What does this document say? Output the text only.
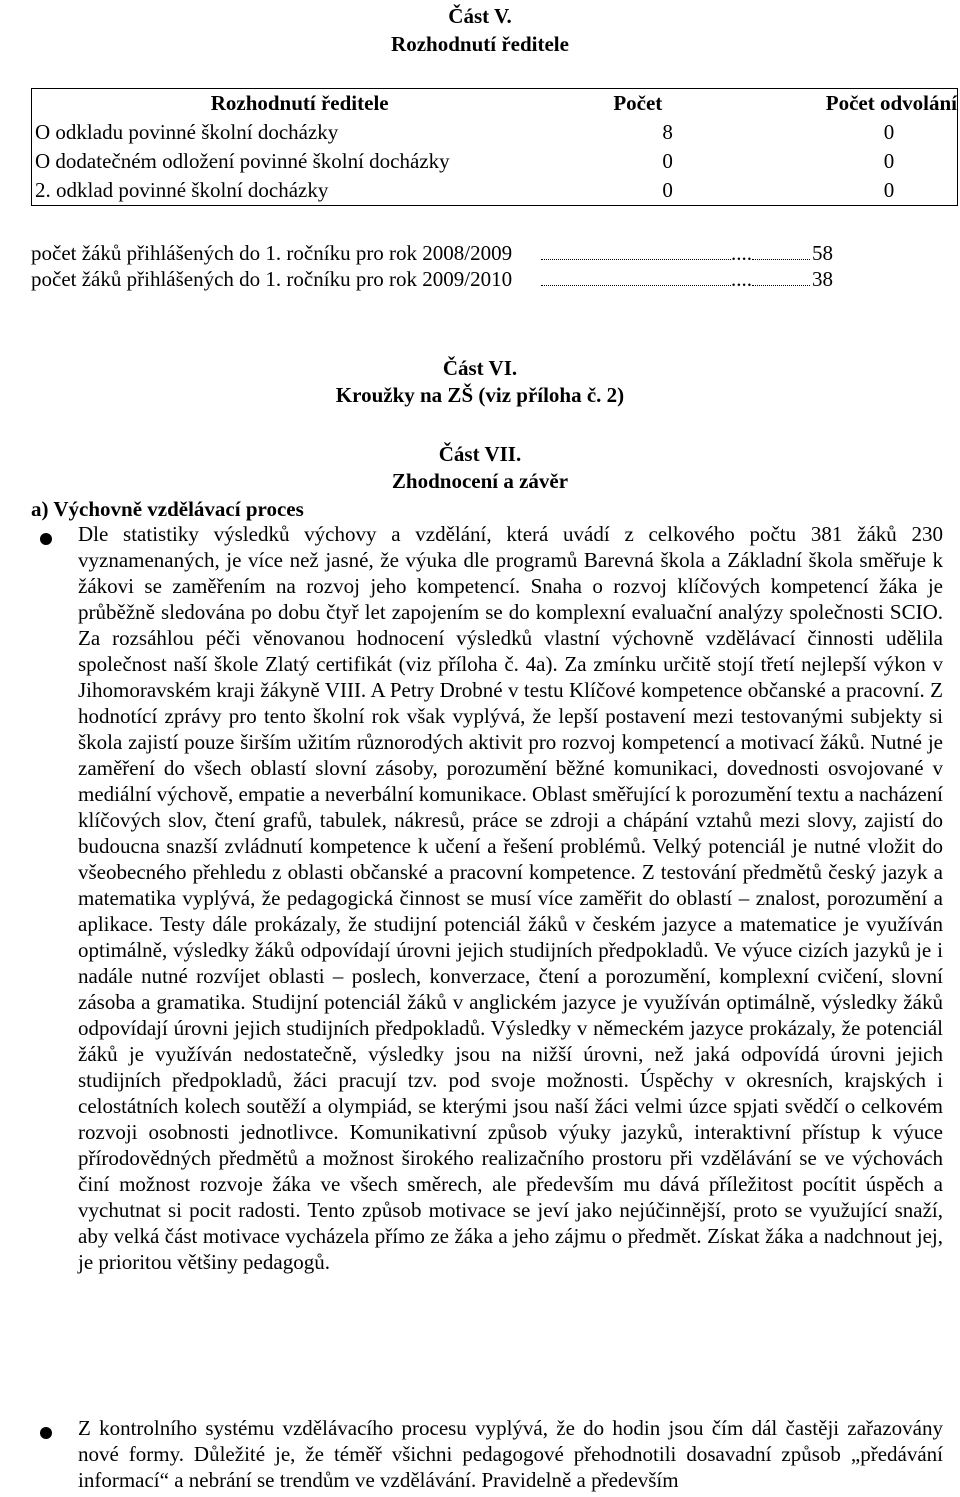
Část V.
Rozhodnutí ředitele
Rozhodnutí ředitele	Počet	Počet odvolání
O odkladu povinné školní docházky	8	0
O dodatečném odložení povinné školní docházky	0	0
2. odklad povinné školní docházky	0	0
počet žáků přihlášených do 1. ročníku pro rok 2008/2009	....	58
počet žáků přihlášených do 1. ročníku pro rok 2009/2010	....	38
Část VI.
Kroužky na ZŠ (viz příloha č. 2)
Část VII.
Zhodnocení a závěr
a) Výchovně vzdělávací proces
Dle statistiky výsledků výchovy a vzdělání, která uvádí z celkového počtu 381 žáků 230 vyznamenaných, je více než jasné, že výuka dle programů Barevná škola a Základní škola směřuje k žákovi se zaměřením na rozvoj jeho kompetencí. Snaha o rozvoj klíčových kompetencí žáka je průběžně sledována po dobu čtyř let zapojením se do komplexní evaluační analýzy společnosti SCIO. Za rozsáhlou péči věnovanou hodnocení výsledků vlastní výchovně vzdělávací činnosti udělila společnost naší škole Zlatý certifikát (viz příloha č. 4a). Za zmínku určitě stojí třetí nejlepší výkon v Jihomoravském kraji žákyně VIII. A Petry Drobné v testu Klíčové kompetence občanské a pracovní. Z hodnotící zprávy pro tento školní rok však vyplývá, že lepší postavení mezi testovanými subjekty si škola zajistí pouze širším užitím různorodých aktivit pro rozvoj kompetencí a motivací žáků. Nutné je zaměření do všech oblastí slovní zásoby, porozumění běžné komunikaci, dovednosti osvojované v mediální výchově, empatie a neverbální komunikace. Oblast směřující k porozumění textu a nacházení klíčových slov, čtení grafů, tabulek, nákresů, práce se zdroji a chápání vztahů mezi slovy, zajistí do budoucna snazší zvládnutí kompetence k učení a řešení problémů. Velký potenciál je nutné vložit do všeobecného přehledu z oblasti občanské a pracovní kompetence. Z testování předmětů český jazyk a matematika vyplývá, že pedagogická činnost se musí více zaměřit do oblastí – znalost, porozumění a aplikace. Testy dále prokázaly, že studijní potenciál žáků v českém jazyce a matematice je využíván optimálně, výsledky žáků odpovídají úrovni jejich studijních předpokladů. Ve výuce cizích jazyků je i nadále nutné rozvíjet oblasti – poslech, konverzace, čtení a porozumění, komplexní cvičení, slovní zásoba a gramatika. Studijní potenciál žáků v anglickém jazyce je využíván optimálně, výsledky žáků odpovídají úrovni jejich studijních předpokladů. Výsledky v německém jazyce prokázaly, že potenciál žáků je využíván nedostatečně, výsledky jsou na nižší úrovni, než jaká odpovídá úrovni jejich studijních předpokladů, žáci pracují tzv. pod svoje možnosti. Úspěchy v okresních, krajských i celostátních kolech soutěží a olympiád, se kterými jsou naší žáci velmi úzce spjati svědčí o celkovém rozvoji osobnosti jednotlivce. Komunikativní způsob výuky jazyků, interaktivní přístup k výuce přírodovědných předmětů a možnost širokého realizačního prostoru při vzdělávání se ve výchovách činí možnost rozvoje žáka ve všech směrech, ale především mu dává příležitost pocítit úspěch a vychutnat si pocit radosti. Tento způsob motivace se jeví jako nejúčinnější, proto se využující snaží, aby velká část motivace vycházela přímo ze žáka a jeho zájmu o předmět. Získat žáka a nadchnout jej, je prioritou většiny pedagogů.
Z kontrolního systému vzdělávacího procesu vyplývá, že do hodin jsou čím dál častěji zařazovány nové formy. Důležité je, že téměř všichni pedagogové přehodnotili dosavadní způsob „předávání informací“ a nebrání se trendům ve vzdělávání. Pravidelně a především
